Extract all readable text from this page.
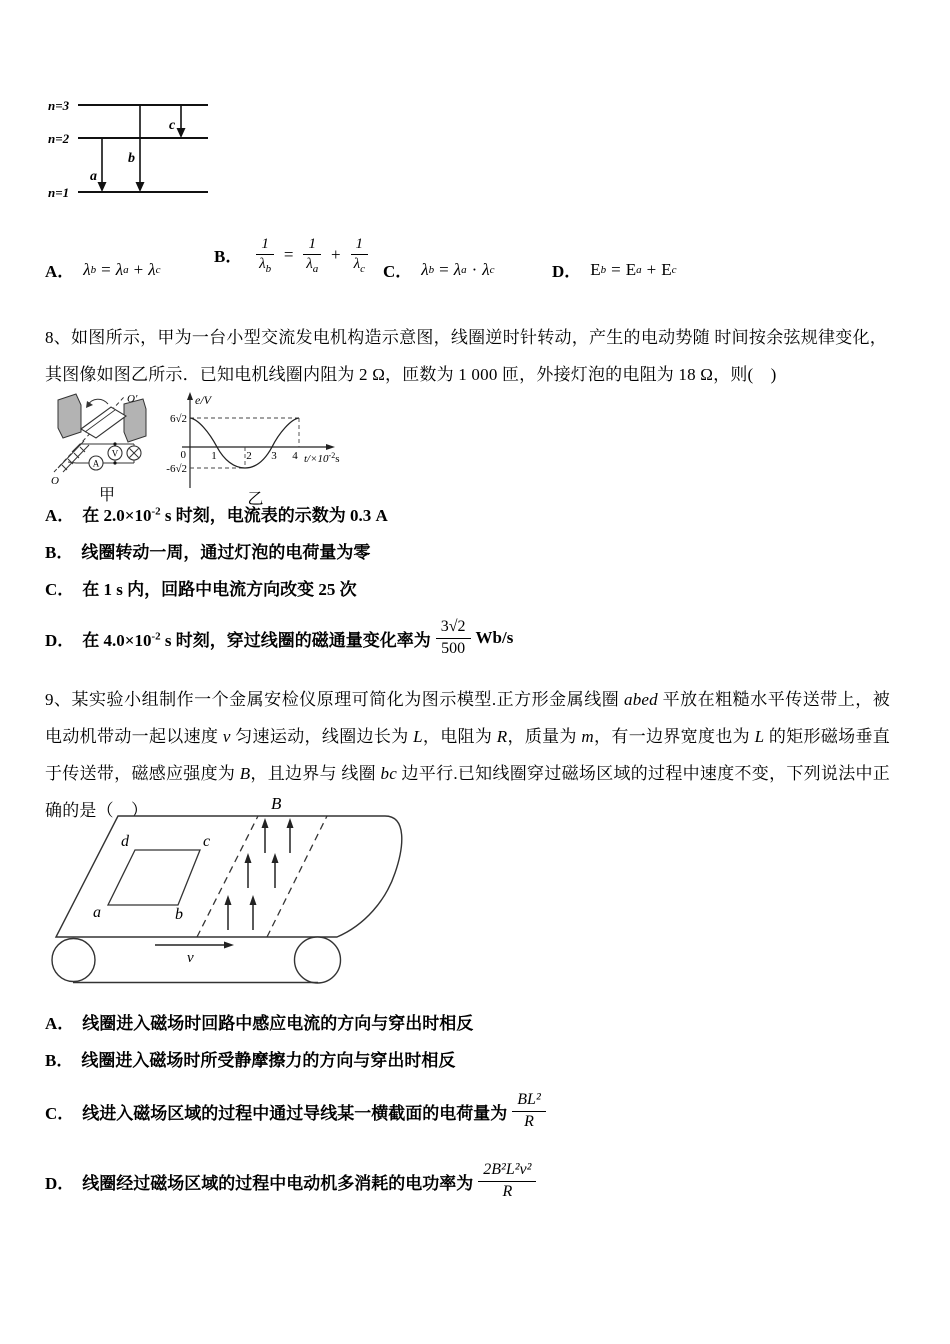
n=3
n=2
n=1
a
b
c
A． λ b = λ a + λ c
B． $\frac{1}{\lambda_b} = \frac{1}{\lambda_a} + \frac{1}{\lambda_c}$ C． λ b = λ a · λ c	D． E b = E a + E c
8、如图所示，甲为一台小型交流发电机构造示意图，线圈逆时针转动，产生的电动势随 时间按余弦规律变化，其图像如图乙所示．已知电机线圈内阻为 2 Ω，匝数为 1 000 匝，外接灯泡的电阻为 18 Ω，则(　)
O′
O
A
V
甲
e/V
6√2
0
-6√2
1	2 3 4 $t/\times 10^{-2}s$
乙
A． 在 $2.0\times 10^{-2}$ s 时刻，电流表的示数为 0.3 A
B． 线圈转动一周，通过灯泡的电荷量为零
C． 在 1 s 内，回路中电流方向改变 25 次
D． 在 $4.0\times 10^{-2}$ s 时刻，穿过线圈的磁通量变化率为 $\frac{3√2}{500} Wb/s$
9、某实验小组制作一个金属安检仪原理可简化为图示模型.正方形金属线圈 abed 平放在粗糙水平传送带上，被电动机带动一起以速度 v 匀速运动，线圈边长为 L，电阻为 R，质量为 m，有一边界宽度也为 L 的矩形磁场垂直于传送带，磁感应强度为 B，且边界与 线圈 bc 边平行.已知线圈穿过磁场区域的过程中速度不变，下列说法中正确的是（　）
a	b
c
d
B
v
A． 线圈进入磁场时回路中感应电流的方向与穿出时相反
B． 线圈进入磁场时所受静摩擦力的方向与穿出时相反
C． 线进入磁场区域的过程中通过导线某一横截面的电荷量为 $\frac{\text{BL²}}{R}$
D． 线圈经过磁场区域的过程中电动机多消耗的电功率为 $\frac{\text{2B²L²v²}}{R}$
